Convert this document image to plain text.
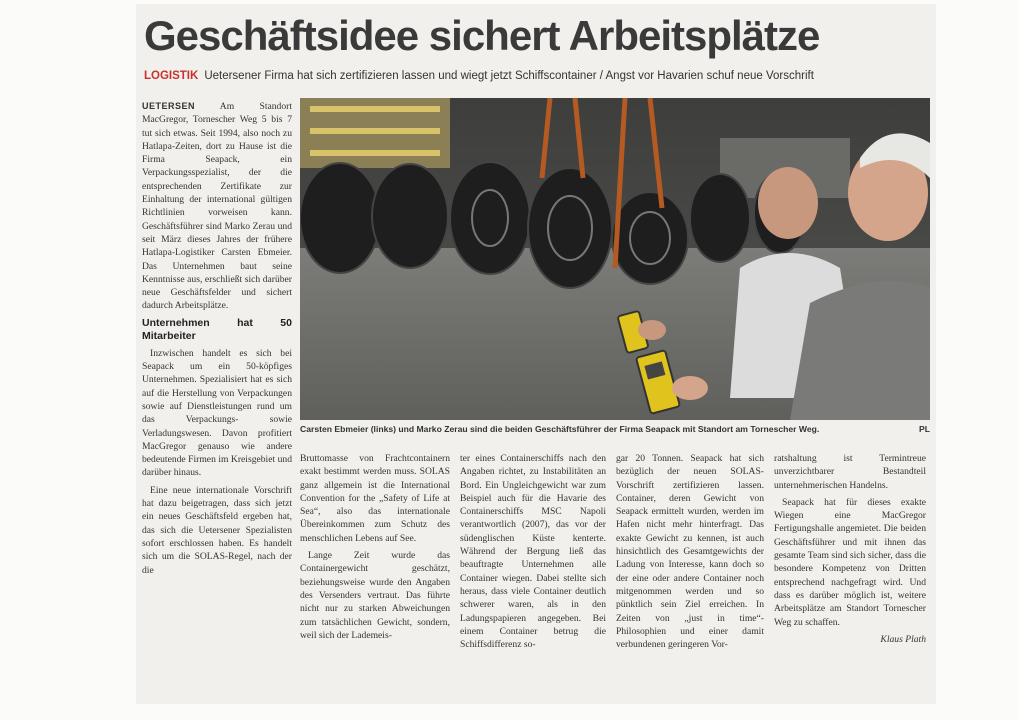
Geschäftsidee sichert Arbeitsplätze
LOGISTIK Uetersener Firma hat sich zertifizieren lassen und wiegt jetzt Schiffscontainer / Angst vor Havarien schuf neue Vorschrift

UETERSEN	Am Standort MacGregor, Tornescher Weg 5 bis 7 tut sich etwas. Seit 1994, also noch zu Hatlapa-Zeiten, dort zu Hause ist die Firma Seapack, ein Verpackungsspezialist, der die entsprechenden Zertifikate zur Einhaltung der international gültigen Richtlinien vorweisen kann. Geschäftsführer sind Marko Zerau und seit März dieses Jahres der frühere Hatlapa-Logistiker Carsten Ebmeier. Das Unternehmen baut seine Kenntnisse aus, erschließt sich darüber neue Geschäftsfelder und sichert dadurch Arbeitsplätze.

Unternehmen hat 50 Mitarbeiter

Inzwischen handelt es sich bei Seapack um ein 50-köpfiges Unternehmen. Spezialisiert hat es sich auf die Herstellung von Verpackungen sowie auf Dienstleistungen rund um das Verpackungs- sowie Verladungswesen. Davon profitiert MacGregor genauso wie andere bedeutende Firmen im Kreisgebiet und darüber hinaus.

Eine neue internationale Vorschrift hat dazu beigetragen, dass sich jetzt ein neues Geschäftsfeld ergeben hat, das sich die Uetersener Spezialisten sofort erschlossen haben. Es handelt sich um die SOLAS-Regel, nach der die

Carsten Ebmeier (links) und Marko Zerau sind die beiden Geschäftsführer der Firma Seapack mit Standort am Tornescher Weg.	PL

Bruttomasse von Frachtcontainern exakt bestimmt werden muss. SOLAS ganz allgemein ist die International Convention for the „Safety of Life at Sea“, also das internationale Übereinkommen zum Schutz des menschlichen Lebens auf See.

Lange Zeit wurde das Containergewicht geschätzt, beziehungsweise wurde den Angaben des Versenders vertraut. Das führte nicht nur zu starken Abweichungen zum tatsächlichen Gewicht, sondern, weil sich der Lademeis-

ter eines Containerschiffs nach den Angaben richtet, zu Instabilitäten an Bord. Ein Ungleichgewicht war zum Beispiel auch für die Havarie des Containerschiffs MSC Napoli verantwortlich (2007), das vor der südenglischen Küste kenterte. Während der Bergung ließ das beauftragte Unternehmen alle Container wiegen. Dabei stellte sich heraus, dass viele Container deutlich schwerer waren, als in den Ladungspapieren angegeben. Bei einem Container betrug die Schiffsdifferenz so-

gar 20 Tonnen. Seapack hat sich bezüglich der neuen SOLAS-Vorschrift zertifizieren lassen. Container, deren Gewicht von Seapack ermittelt wurden, werden im Hafen nicht mehr hinterfragt. Das exakte Gewicht zu kennen, ist auch hinsichtlich des Gesamtgewichts der Ladung von Interesse, kann doch so der eine oder andere Container noch mitgenommen werden und so pünktlich sein Ziel erreichen. In Zeiten von „just in time“-Philosophien und einer damit verbundenen geringeren Vor-

ratshaltung ist Termintreue unverzichtbarer Bestandteil unternehmerischen Handelns.

Seapack hat für dieses exakte Wiegen eine MacGregor Fertigungshalle angemietet. Die beiden Geschäftsführer und mit ihnen das gesamte Team sind sich sicher, dass die besondere Kompetenz von Dritten entsprechend nachgefragt wird. Und dass es darüber möglich ist, weitere Arbeitsplätze am Standort Tornescher Weg zu schaffen.

Klaus Plath
